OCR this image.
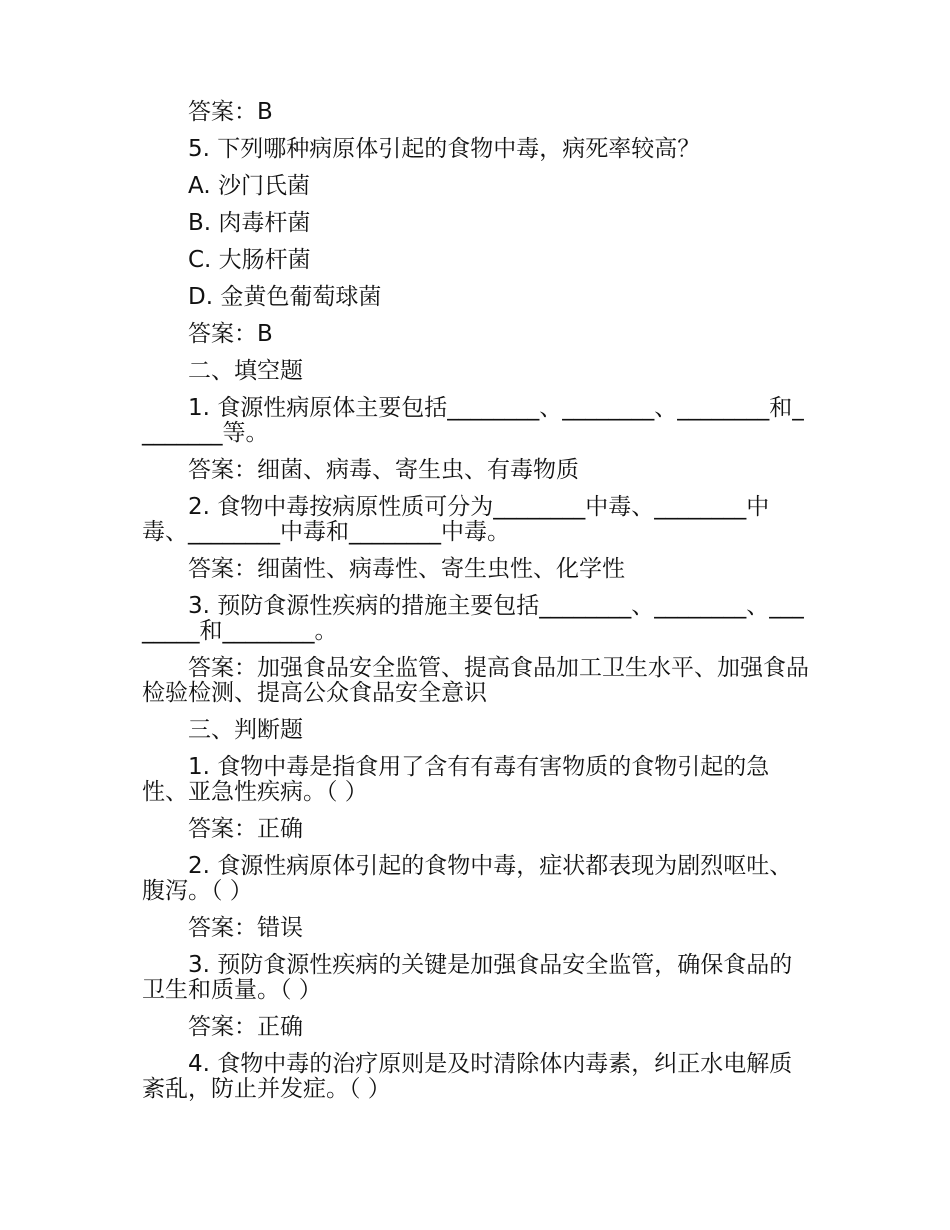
答案：B

5. 下列哪种病原体引起的食物中毒，病死率较高？

A. 沙门氏菌

B. 肉毒杆菌

C. 大肠杆菌

D. 金黄色葡萄球菌

答案：B

二、填空题

1. 食源性病原体主要包括________、________、________和________等。

答案：细菌、病毒、寄生虫、有毒物质

2. 食物中毒按病原性质可分为________中毒、________中毒、________中毒和________中毒。

答案：细菌性、病毒性、寄生虫性、化学性

3. 预防食源性疾病的措施主要包括________、________、________和________。

答案：加强食品安全监管、提高食品加工卫生水平、加强食品检验检测、提高公众食品安全意识

三、判断题

1. 食物中毒是指食用了含有有毒有害物质的食物引起的急性、亚急性疾病。（ ）

答案：正确

2. 食源性病原体引起的食物中毒，症状都表现为剧烈呕吐、腹泻。（ ）

答案：错误

3. 预防食源性疾病的关键是加强食品安全监管，确保食品的卫生和质量。（ ）

答案：正确

4. 食物中毒的治疗原则是及时清除体内毒素，纠正水电解质紊乱，防止并发症。（ ）
